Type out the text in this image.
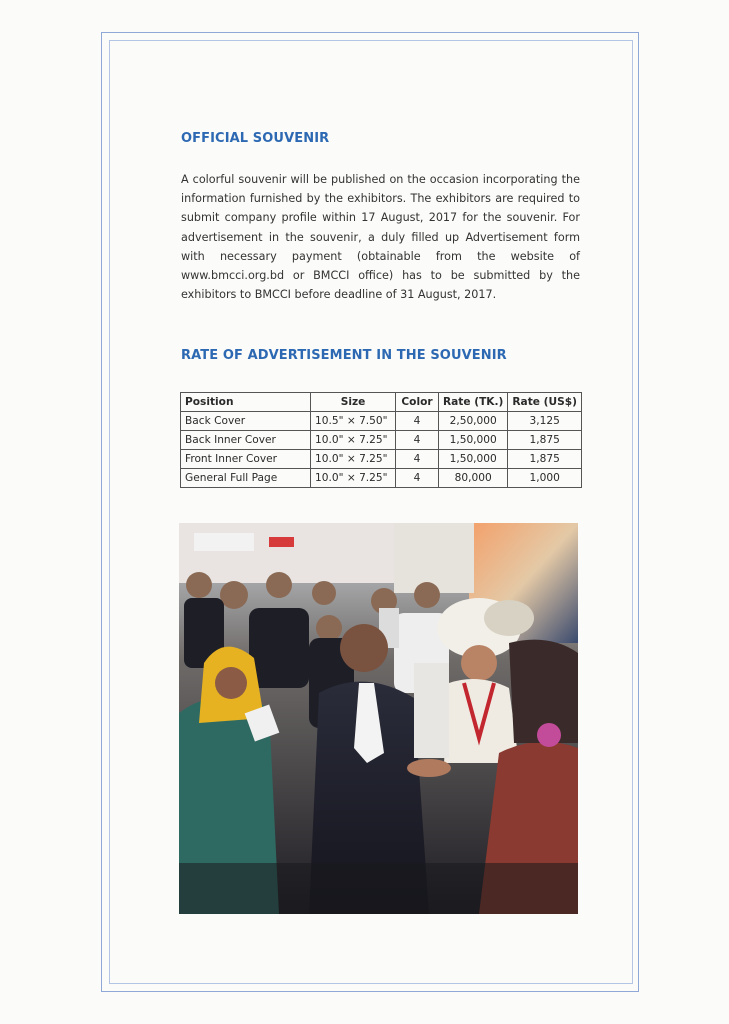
OFFICIAL SOUVENIR

A colorful souvenir will be published on the occasion incorporating the information furnished by the exhibitors. The exhibitors are required to submit company profile within 17 August, 2017 for the souvenir. For advertisement in the souvenir, a duly filled up Advertisement form with necessary payment (obtainable from the website of www.bmcci.org.bd or BMCCI office) has to be submitted by the exhibitors to BMCCI before deadline of 31 August, 2017.

RATE OF ADVERTISEMENT IN THE SOUVENIR
Position	Size	Color	Rate (TK.)	Rate (US$)
Back Cover	10.5" × 7.50"	4	2,50,000	3,125
Back Inner Cover	10.0" × 7.25"	4	1,50,000	1,875
Front Inner Cover	10.0" × 7.25"	4	1,50,000	1,875
General Full Page	10.0" × 7.25"	4	80,000	1,000
